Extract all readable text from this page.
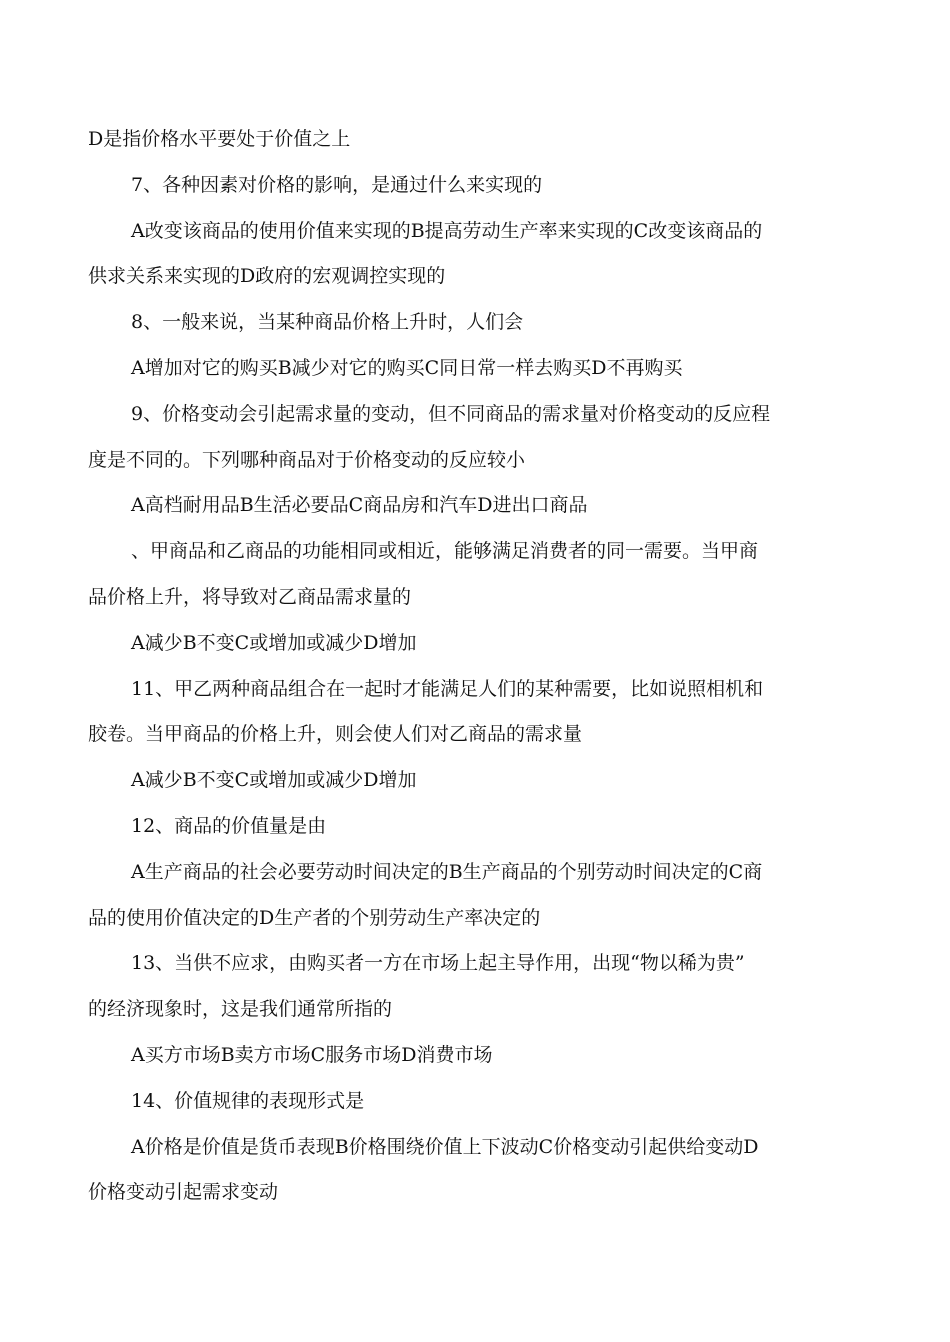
D是指价格水平要处于价值之上
7、各种因素对价格的影响，是通过什么来实现的
A改变该商品的使用价值来实现的B提高劳动生产率来实现的C改变该商品的
供求关系来实现的D政府的宏观调控实现的
8、一般来说，当某种商品价格上升时，人们会
A增加对它的购买B减少对它的购买C同日常一样去购买D不再购买
9、价格变动会引起需求量的变动，但不同商品的需求量对价格变动的反应程
度是不同的。下列哪种商品对于价格变动的反应较小
A高档耐用品B生活必要品C商品房和汽车D进出口商品
、甲商品和乙商品的功能相同或相近，能够满足消费者的同一需要。当甲商
品价格上升，将导致对乙商品需求量的
A减少B不变C或增加或减少D增加
11、甲乙两种商品组合在一起时才能满足人们的某种需要，比如说照相机和
胶卷。当甲商品的价格上升，则会使人们对乙商品的需求量
A减少B不变C或增加或减少D增加
12、商品的价值量是由
A生产商品的社会必要劳动时间决定的B生产商品的个别劳动时间决定的C商
品的使用价值决定的D生产者的个别劳动生产率决定的
13、当供不应求，由购买者一方在市场上起主导作用，出现“物以稀为贵”
的经济现象时，这是我们通常所指的
A买方市场B卖方市场C服务市场D消费市场
14、价值规律的表现形式是
A价格是价值是货币表现B价格围绕价值上下波动C价格变动引起供给变动D
价格变动引起需求变动
